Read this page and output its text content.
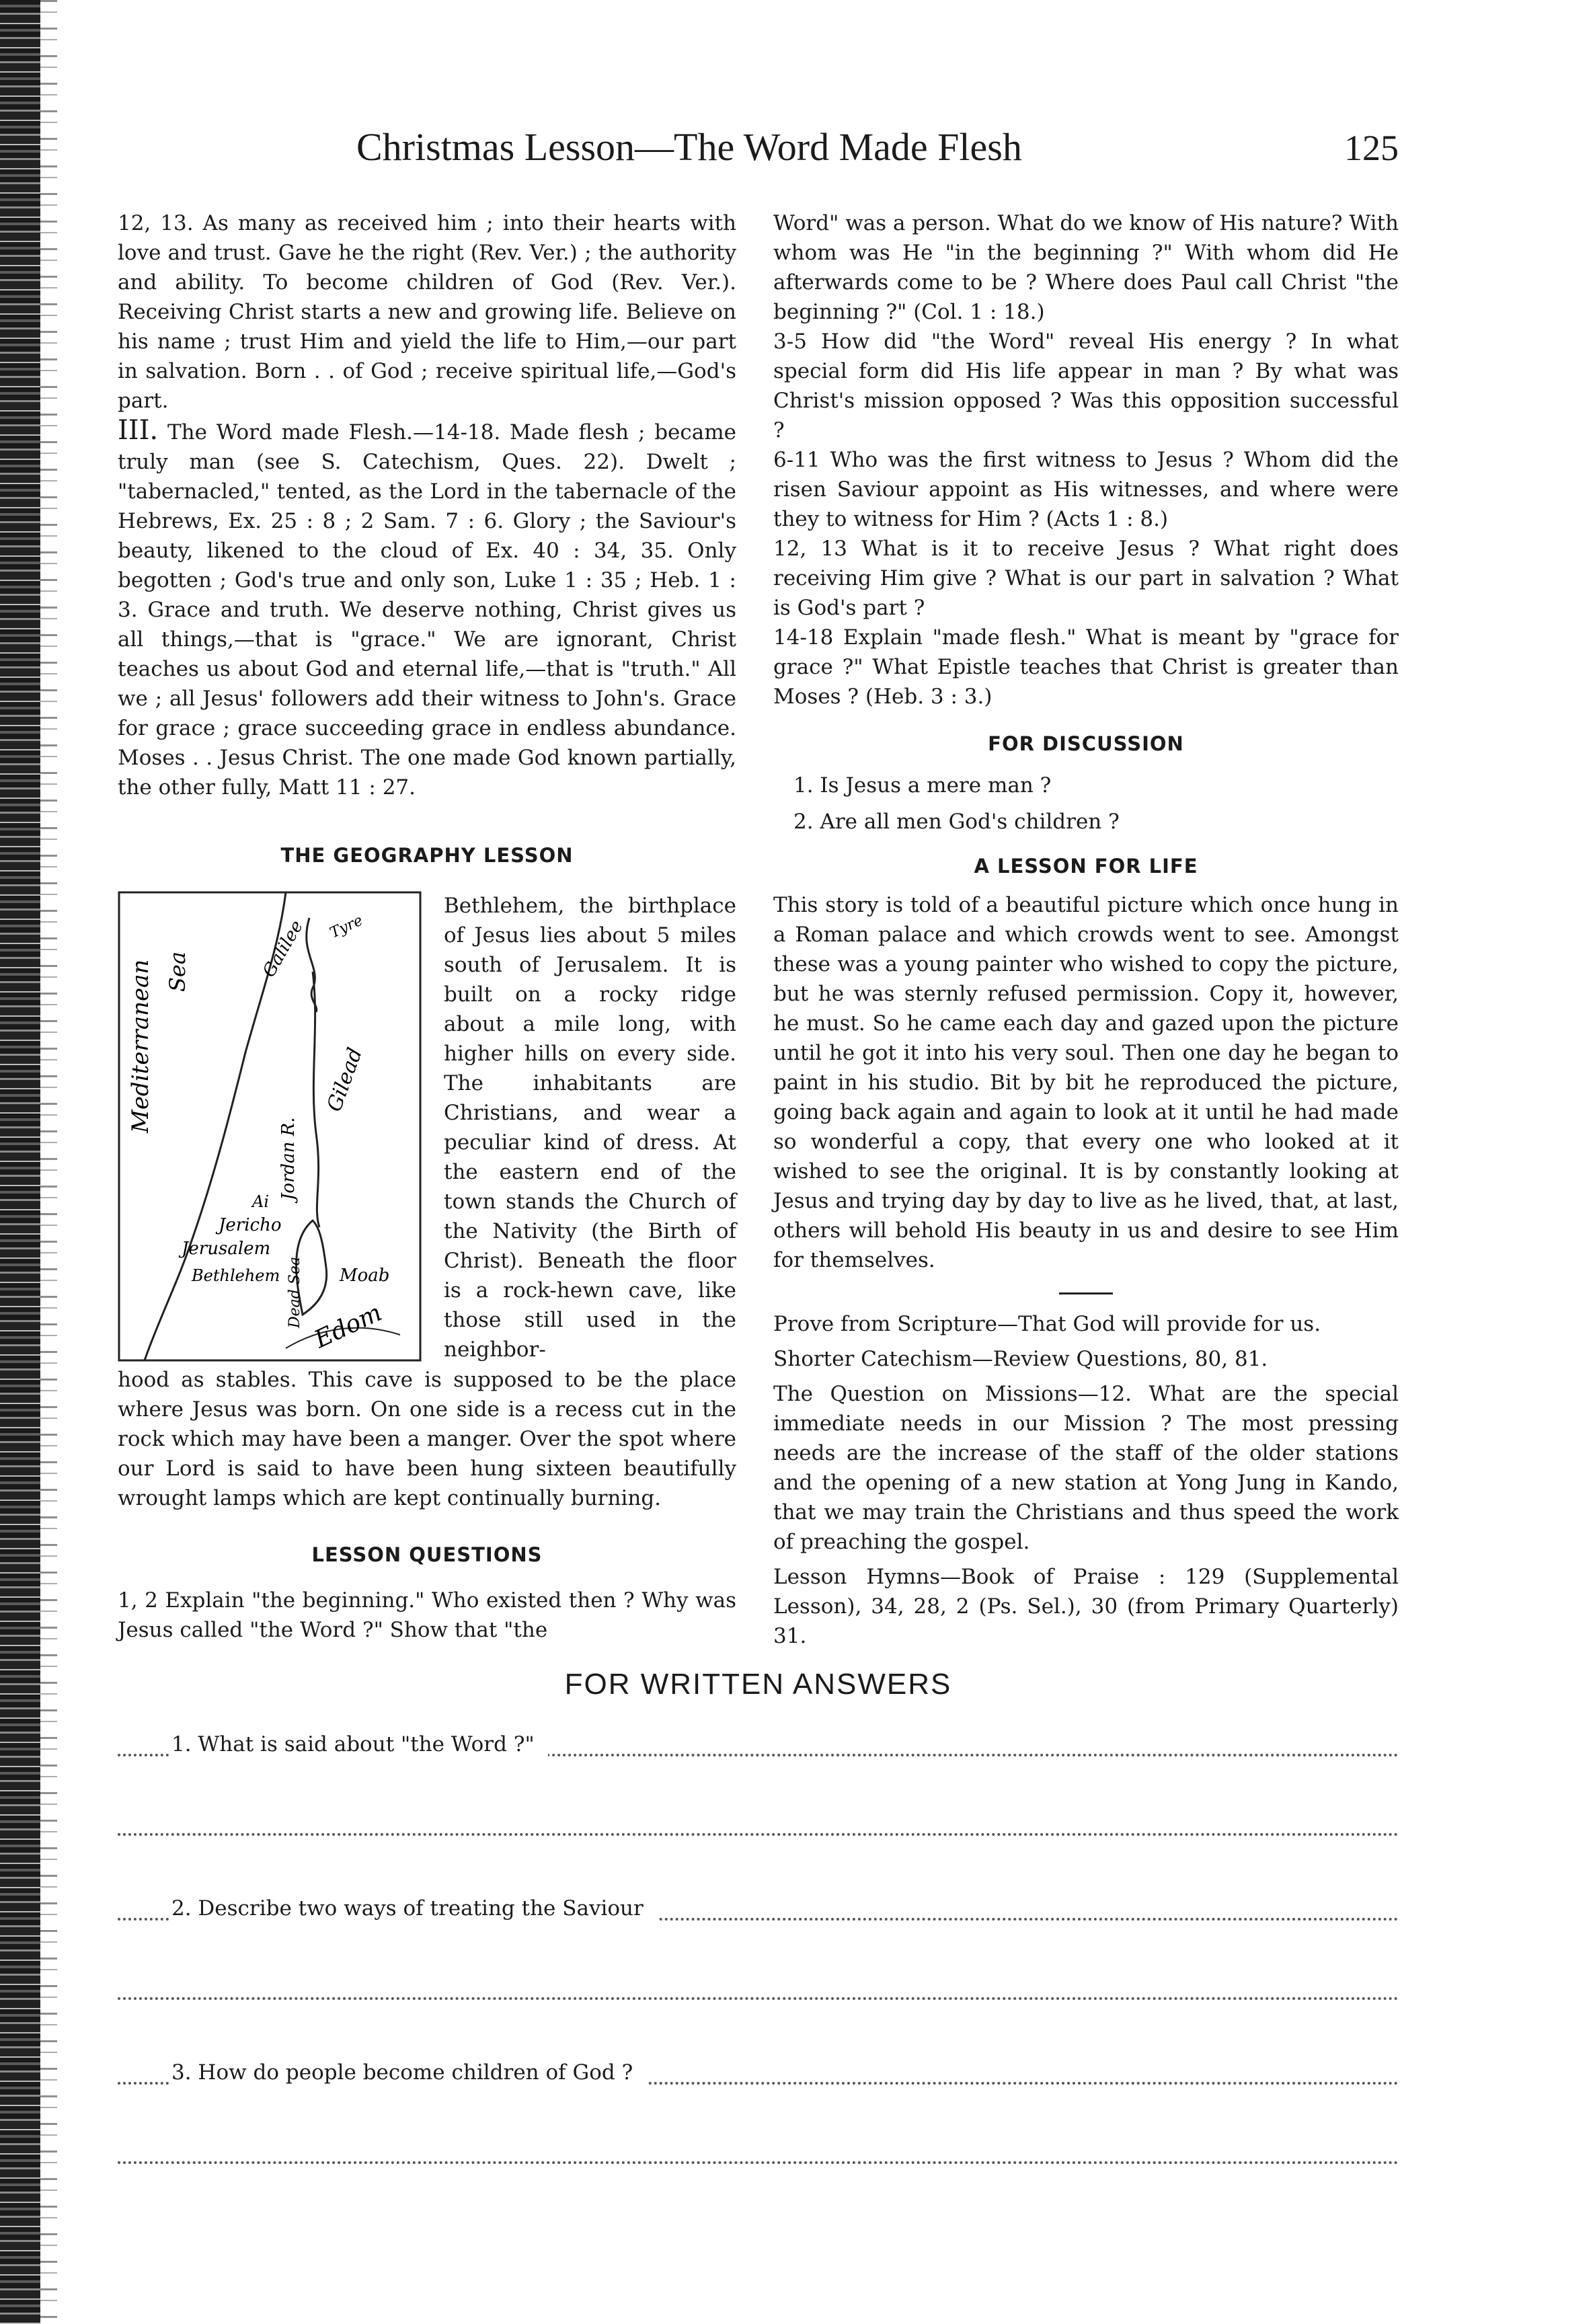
Christmas Lesson—The Word Made Flesh	125

12, 13. As many as received him ; into their hearts with love and trust. Gave he the right (Rev. Ver.) ; the authority and ability. To become children of God (Rev. Ver.). Receiving Christ starts a new and growing life. Believe on his name ; trust Him and yield the life to Him,—our part in salvation. Born . . of God ; receive spiritual life,—God's part.

III. The Word made Flesh.—14-18. Made flesh ; became truly man (see S. Catechism, Ques. 22). Dwelt ; "tabernacled," tented, as the Lord in the tabernacle of the Hebrews, Ex. 25 : 8 ; 2 Sam. 7 : 6. Glory ; the Saviour's beauty, likened to the cloud of Ex. 40 : 34, 35. Only begotten ; God's true and only son, Luke 1 : 35 ; Heb. 1 : 3. Grace and truth. We deserve nothing, Christ gives us all things,—that is "grace." We are ignorant, Christ teaches us about God and eternal life,—that is "truth." All we ; all Jesus' followers add their witness to John's. Grace for grace ; grace succeeding grace in endless abundance. Moses . . Jesus Christ. The one made God known partially, the other fully, Matt 11 : 27.

THE GEOGRAPHY LESSON
Mediterranean Sea	Galilee Tyre
Gilead
Jordan R.
Dead Sea
Ai
Jericho
Jerusalem
Bethlehem	Moab
Edom
Bethlehem, the birthplace of Jesus lies about 5 miles south of Jerusalem. It is built on a rocky ridge about a mile long, with higher hills on every side. The inhabitants are Christians, and wear a peculiar kind of dress. At the eastern end of the town stands the Church of the Nativity (the Birth of Christ). Beneath the floor is a rock-hewn cave, like those still used in the neighbor-
hood as stables. This cave is supposed to be the place where Jesus was born. On one side is a recess cut in the rock which may have been a manger. Over the spot where our Lord is said to have been hung sixteen beautifully wrought lamps which are kept continually burning.
LESSON QUESTIONS

1, 2 Explain "the beginning." Who existed then ? Why was Jesus called "the Word ?" Show that "the

Word" was a person. What do we know of His nature? With whom was He "in the beginning ?" With whom did He afterwards come to be ? Where does Paul call Christ "the beginning ?" (Col. 1 : 18.)

3-5 How did "the Word" reveal His energy ? In what special form did His life appear in man ? By what was Christ's mission opposed ? Was this opposition successful ?

6-11 Who was the first witness to Jesus ? Whom did the risen Saviour appoint as His witnesses, and where were they to witness for Him ? (Acts 1 : 8.)

12, 13 What is it to receive Jesus ? What right does receiving Him give ? What is our part in salvation ? What is God's part ?

14-18 Explain "made flesh." What is meant by "grace for grace ?" What Epistle teaches that Christ is greater than Moses ? (Heb. 3 : 3.)

FOR DISCUSSION

1. Is Jesus a mere man ?

2. Are all men God's children ?

A LESSON FOR LIFE

This story is told of a beautiful picture which once hung in a Roman palace and which crowds went to see. Amongst these was a young painter who wished to copy the picture, but he was sternly refused permission. Copy it, however, he must. So he came each day and gazed upon the picture until he got it into his very soul. Then one day he began to paint in his studio. Bit by bit he reproduced the picture, going back again and again to look at it until he had made so wonderful a copy, that every one who looked at it wished to see the original. It is by constantly looking at Jesus and trying day by day to live as he lived, that, at last, others will behold His beauty in us and desire to see Him for themselves.

Prove from Scripture—That God will provide for us.

Shorter Catechism—Review Questions, 80, 81.

The Question on Missions—12. What are the special immediate needs in our Mission ? The most pressing needs are the increase of the staff of the older stations and the opening of a new station at Yong Jung in Kando, that we may train the Christians and thus speed the work of preaching the gospel.

Lesson Hymns—Book of Praise : 129 (Supplemental Lesson), 34, 28, 2 (Ps. Sel.), 30 (from Primary Quarterly) 31.

FOR WRITTEN ANSWERS
1. What is said about "the Word ?"
2. Describe two ways of treating the Saviour
3. How do people become children of God ?
